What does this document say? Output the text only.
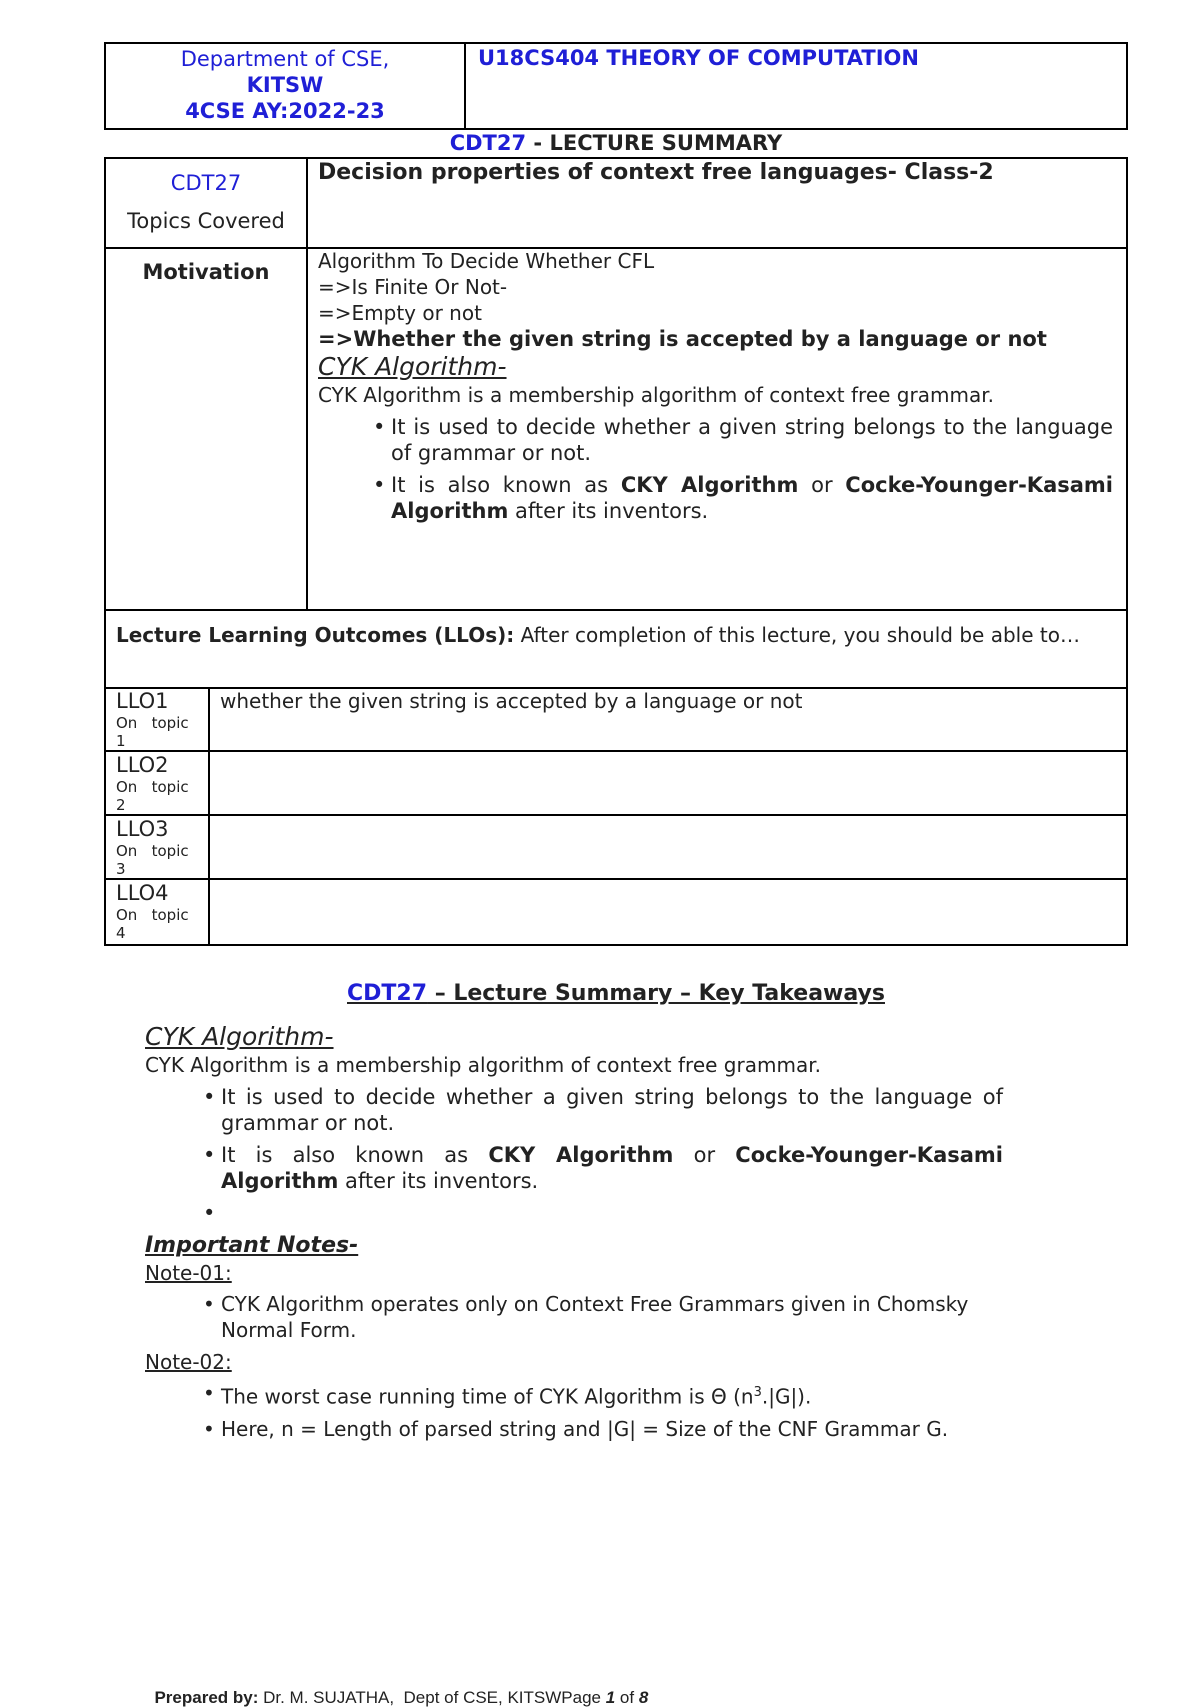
Department of CSE,
KITSW
4CSE AY:2022-23
U18CS404 THEORY OF COMPUTATION
CDT27 - LECTURE SUMMARY
CDT27
Topics Covered
Decision properties of context free languages- Class-2
Motivation	Algorithm To Decide Whether CFL
=>Is Finite Or Not-
=>Empty or not
=>Whether the given string is accepted by a language or not
CYK Algorithm-
CYK Algorithm is a membership algorithm of context free grammar.
• It is used to decide whether a given string belongs to the language of grammar or not.
• It is also known as CKY Algorithm or Cocke-Younger-Kasami Algorithm after its inventors.
Lecture Learning Outcomes (LLOs): After completion of this lecture, you should be able to…
LLO1
On   topic
1
whether the given string is accepted by a language or not
LLO2
On   topic
2
LLO3
On   topic
3
LLO4
On   topic
4
CDT27 – Lecture Summary – Key Takeaways
CYK Algorithm-
CYK Algorithm is a membership algorithm of context free grammar.
• It is used to decide whether a given string belongs to the language of grammar or not.
• It is also known as CKY Algorithm or Cocke-Younger-Kasami Algorithm after its inventors.
•
Important Notes-
Note-01:
• CYK Algorithm operates only on Context Free Grammars given in Chomsky Normal Form.
Note-02:
• The worst case running time of CYK Algorithm is Θ $(n^3.|G|)$.
• Here, n = Length of parsed string and |G| = Size of the CNF Grammar G.

Prepared by: Dr. M. SUJATHA,  Dept of CSE, KITSWPage 1 of 8
